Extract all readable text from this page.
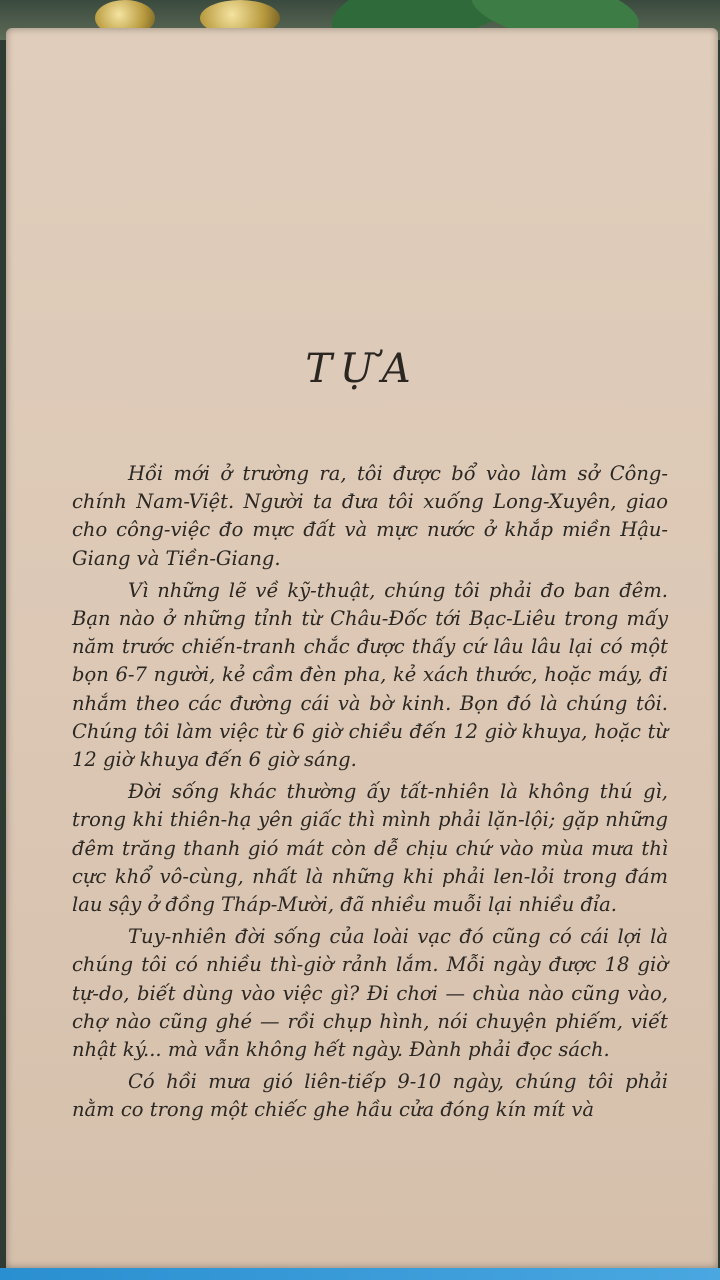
TỰA

Hồi mới ở trường ra, tôi được bổ vào làm sở Công-chính Nam-Việt. Người ta đưa tôi xuống Long-Xuyên, giao cho công-việc đo mực đất và mực nước ở khắp miền Hậu-Giang và Tiền-Giang.

Vì những lẽ về kỹ-thuật, chúng tôi phải đo ban đêm. Bạn nào ở những tỉnh từ Châu-Đốc tới Bạc-Liêu trong mấy năm trước chiến-tranh chắc được thấy cứ lâu lâu lại có một bọn 6-7 người, kẻ cầm đèn pha, kẻ xách thước, hoặc máy, đi nhắm theo các đường cái và bờ kinh. Bọn đó là chúng tôi. Chúng tôi làm việc từ 6 giờ chiều đến 12 giờ khuya, hoặc từ 12 giờ khuya đến 6 giờ sáng.

Đời sống khác thường ấy tất-nhiên là không thú gì, trong khi thiên-hạ yên giấc thì mình phải lặn-lội; gặp những đêm trăng thanh gió mát còn dễ chịu chứ vào mùa mưa thì cực khổ vô-cùng, nhất là những khi phải len-lỏi trong đám lau sậy ở đồng Tháp-Mười, đã nhiều muỗi lại nhiều đỉa.

Tuy-nhiên đời sống của loài vạc đó cũng có cái lợi là chúng tôi có nhiều thì-giờ rảnh lắm. Mỗi ngày được 18 giờ tự-do, biết dùng vào việc gì? Đi chơi — chùa nào cũng vào, chợ nào cũng ghé — rồi chụp hình, nói chuyện phiếm, viết nhật ký... mà vẫn không hết ngày. Đành phải đọc sách.

Có hồi mưa gió liên-tiếp 9-10 ngày, chúng tôi phải nằm co trong một chiếc ghe hầu cửa đóng kín mít và
